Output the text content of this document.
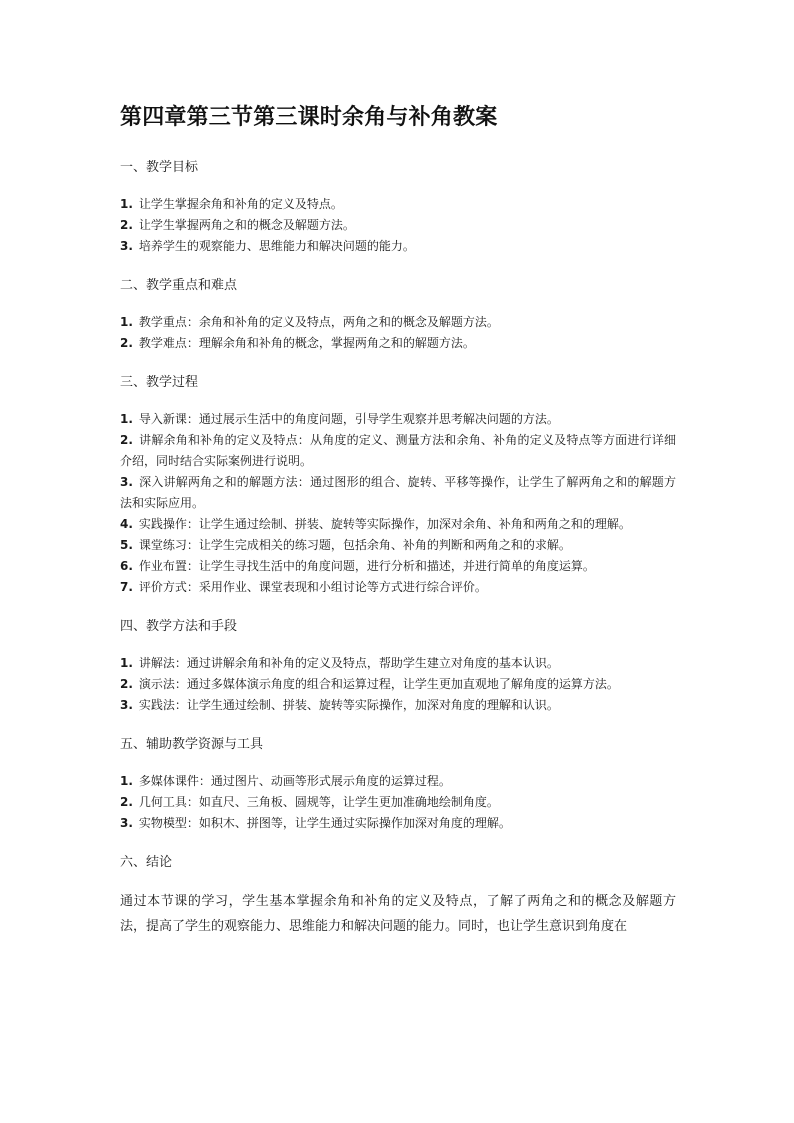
第四章第三节第三课时余角与补角教案
一、教学目标
1. 让学生掌握余角和补角的定义及特点。
2. 让学生掌握两角之和的概念及解题方法。
3. 培养学生的观察能力、思维能力和解决问题的能力。
二、教学重点和难点
1. 教学重点：余角和补角的定义及特点，两角之和的概念及解题方法。
2. 教学难点：理解余角和补角的概念，掌握两角之和的解题方法。
三、教学过程
1. 导入新课：通过展示生活中的角度问题，引导学生观察并思考解决问题的方法。
2. 讲解余角和补角的定义及特点：从角度的定义、测量方法和余角、补角的定义及特点等方面进行详细介绍，同时结合实际案例进行说明。
3. 深入讲解两角之和的解题方法：通过图形的组合、旋转、平移等操作，让学生了解两角之和的解题方法和实际应用。
4. 实践操作：让学生通过绘制、拼装、旋转等实际操作，加深对余角、补角和两角之和的理解。
5. 课堂练习：让学生完成相关的练习题，包括余角、补角的判断和两角之和的求解。
6. 作业布置：让学生寻找生活中的角度问题，进行分析和描述，并进行简单的角度运算。
7. 评价方式：采用作业、课堂表现和小组讨论等方式进行综合评价。
四、教学方法和手段
1. 讲解法：通过讲解余角和补角的定义及特点，帮助学生建立对角度的基本认识。
2. 演示法：通过多媒体演示角度的组合和运算过程，让学生更加直观地了解角度的运算方法。
3. 实践法：让学生通过绘制、拼装、旋转等实际操作，加深对角度的理解和认识。
五、辅助教学资源与工具
1. 多媒体课件：通过图片、动画等形式展示角度的运算过程。
2. 几何工具：如直尺、三角板、圆规等，让学生更加准确地绘制角度。
3. 实物模型：如积木、拼图等，让学生通过实际操作加深对角度的理解。
六、结论

通过本节课的学习，学生基本掌握余角和补角的定义及特点，了解了两角之和的概念及解题方法，提高了学生的观察能力、思维能力和解决问题的能力。同时，也让学生意识到角度在
